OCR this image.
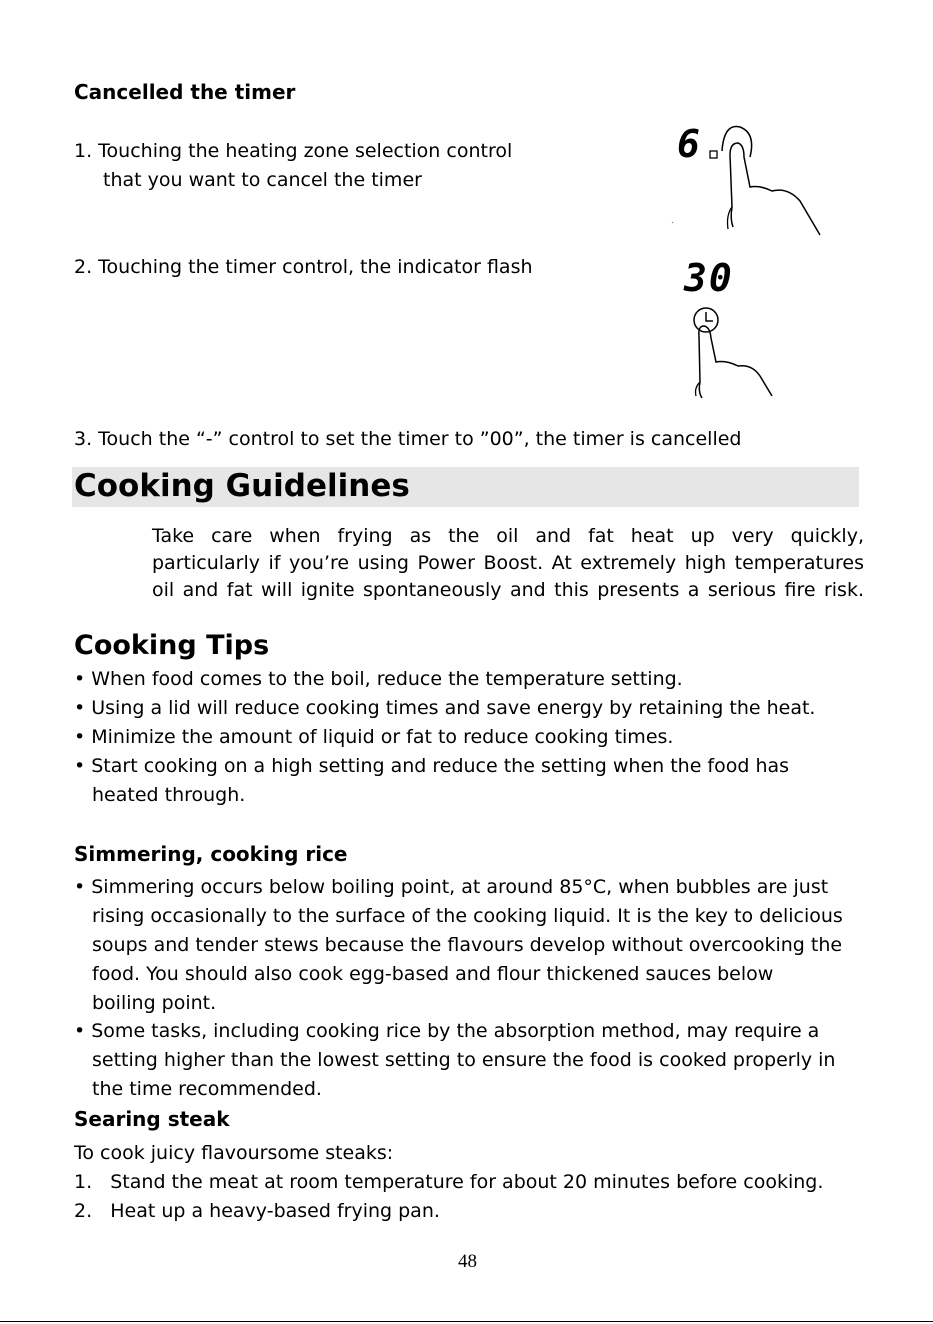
Cancelled the timer
1. Touching the heating zone selection control
that you want to cancel the timer
2. Touching the timer control, the indicator flash
3. Touch the “-” control to set the timer to ”00”, the timer is cancelled
6
30
Cooking Guidelines
Take care when frying as the oil and fat heat up very quickly,
particularly if you’re using Power Boost. At extremely high temperatures
oil and fat will ignite spontaneously and this presents a serious fire risk.
Cooking Tips
• When food comes to the boil, reduce the temperature setting.
• Using a lid will reduce cooking times and save energy by retaining the heat.
• Minimize the amount of liquid or fat to reduce cooking times.
• Start cooking on a high setting and reduce the setting when the food has
heated through.
Simmering, cooking rice
• Simmering occurs below boiling point, at around 85°C, when bubbles are just
rising occasionally to the surface of the cooking liquid. It is the key to delicious
soups and tender stews because the flavours develop without overcooking the
food. You should also cook egg-based and flour thickened sauces below
boiling point.
• Some tasks, including cooking rice by the absorption method, may require a
setting higher than the lowest setting to ensure the food is cooked properly in
the time recommended.
Searing steak
To cook juicy flavoursome steaks:
1.   Stand the meat at room temperature for about 20 minutes before cooking.
2.   Heat up a heavy-based frying pan.
48
